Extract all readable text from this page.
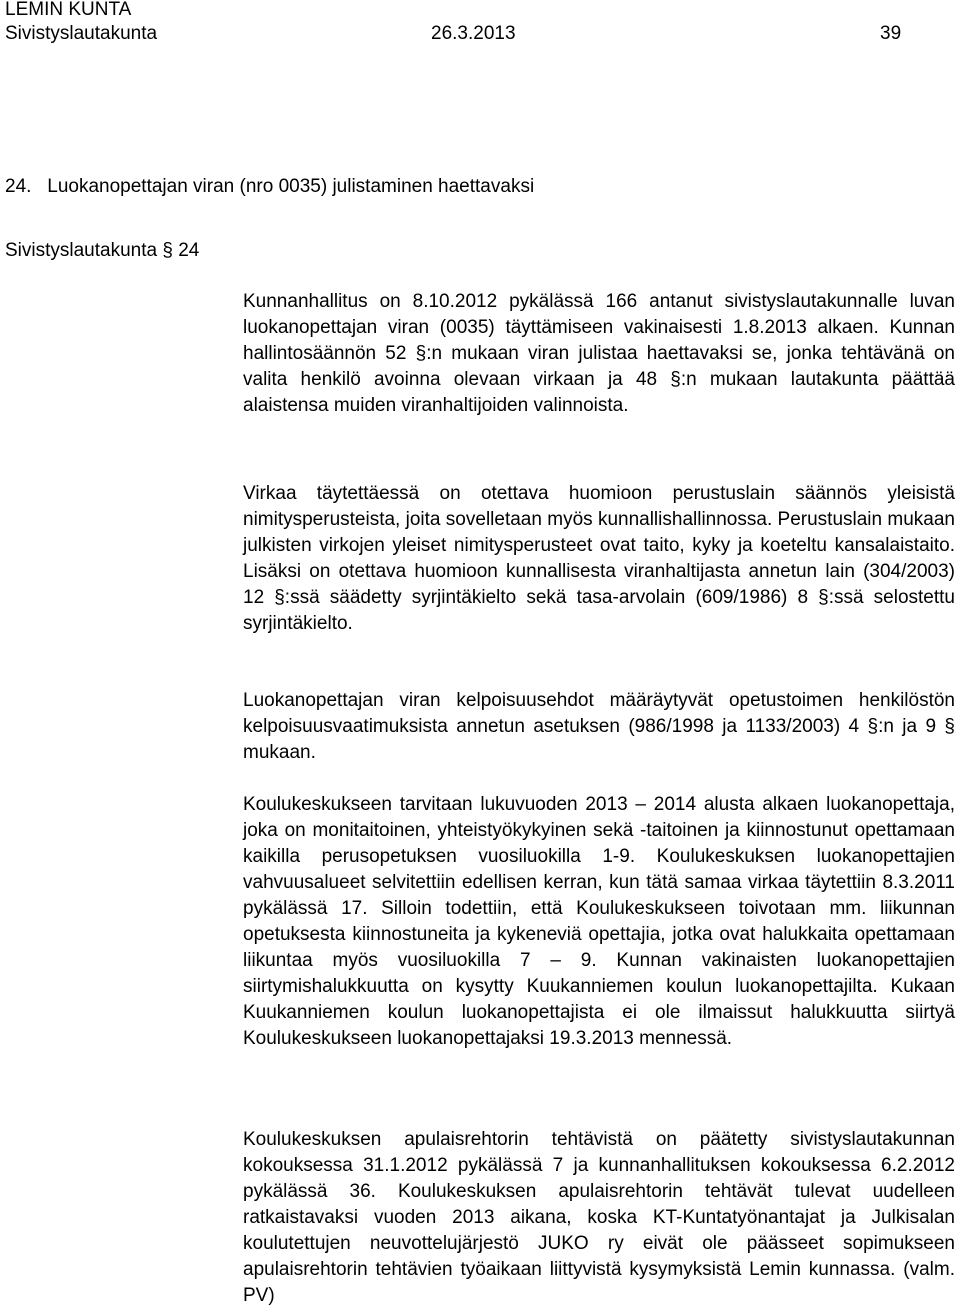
LEMIN KUNTA
Sivistyslautakunta	26.3.2013	39
24.   Luokanopettajan viran (nro 0035) julistaminen haettavaksi
Sivistyslautakunta § 24

Kunnanhallitus on 8.10.2012 pykälässä 166 antanut sivistyslautakunnalle luvan luokanopettajan viran (0035) täyttämiseen vakinaisesti 1.8.2013 alkaen. Kunnan hallintosäännön 52 §:n mukaan viran julistaa haettavaksi se, jonka tehtävänä on valita henkilö avoinna olevaan virkaan ja 48 §:n mukaan lautakunta päättää alaistensa muiden viranhaltijoiden valinnoista.

Virkaa täytettäessä on otettava huomioon perustuslain säännös yleisistä nimitysperusteista, joita sovelletaan myös kunnallishallinnossa. Perustuslain mukaan julkisten virkojen yleiset nimitysperusteet ovat taito, kyky ja koeteltu kansalaistaito. Lisäksi on otettava huomioon kunnallisesta viranhaltijasta annetun lain (304/2003) 12 §:ssä säädetty syrjintäkielto sekä tasa-arvolain (609/1986) 8 §:ssä selostettu syrjintäkielto.

Luokanopettajan viran kelpoisuusehdot määräytyvät opetustoimen henkilöstön kelpoisuusvaatimuksista annetun asetuksen (986/1998 ja 1133/2003) 4 §:n ja 9 § mukaan.

Koulukeskukseen tarvitaan lukuvuoden 2013 – 2014 alusta alkaen luokanopettaja, joka on monitaitoinen, yhteistyökykyinen sekä -taitoinen ja kiinnostunut opettamaan kaikilla perusopetuksen vuosiluokilla 1-9. Koulukeskuksen luokanopettajien vahvuusalueet selvitettiin edellisen kerran, kun tätä samaa virkaa täytettiin 8.3.2011 pykälässä 17. Silloin todettiin, että Koulukeskukseen toivotaan mm. liikunnan opetuksesta kiinnostuneita ja kykeneviä opettajia, jotka ovat halukkaita opettamaan liikuntaa myös vuosiluokilla 7 – 9. Kunnan vakinaisten luokanopettajien siirtymishalukkuutta on kysytty Kuukanniemen koulun luokanopettajilta. Kukaan Kuukanniemen koulun luokanopettajista ei ole ilmaissut halukkuutta siirtyä Koulukeskukseen luokanopettajaksi 19.3.2013 mennessä.

Koulukeskuksen apulaisrehtorin tehtävistä on päätetty sivistyslautakunnan kokouksessa 31.1.2012 pykälässä 7 ja kunnanhallituksen kokouksessa 6.2.2012 pykälässä 36. Koulukeskuksen apulaisrehtorin tehtävät tulevat uudelleen ratkaistavaksi vuoden 2013 aikana, koska KT-Kuntatyönantajat ja Julkisalan koulutettujen neuvottelujärjestö JUKO ry eivät ole päässeet sopimukseen apulaisrehtorin tehtävien työaikaan liittyvistä kysymyksistä Lemin kunnassa. (valm. PV)
